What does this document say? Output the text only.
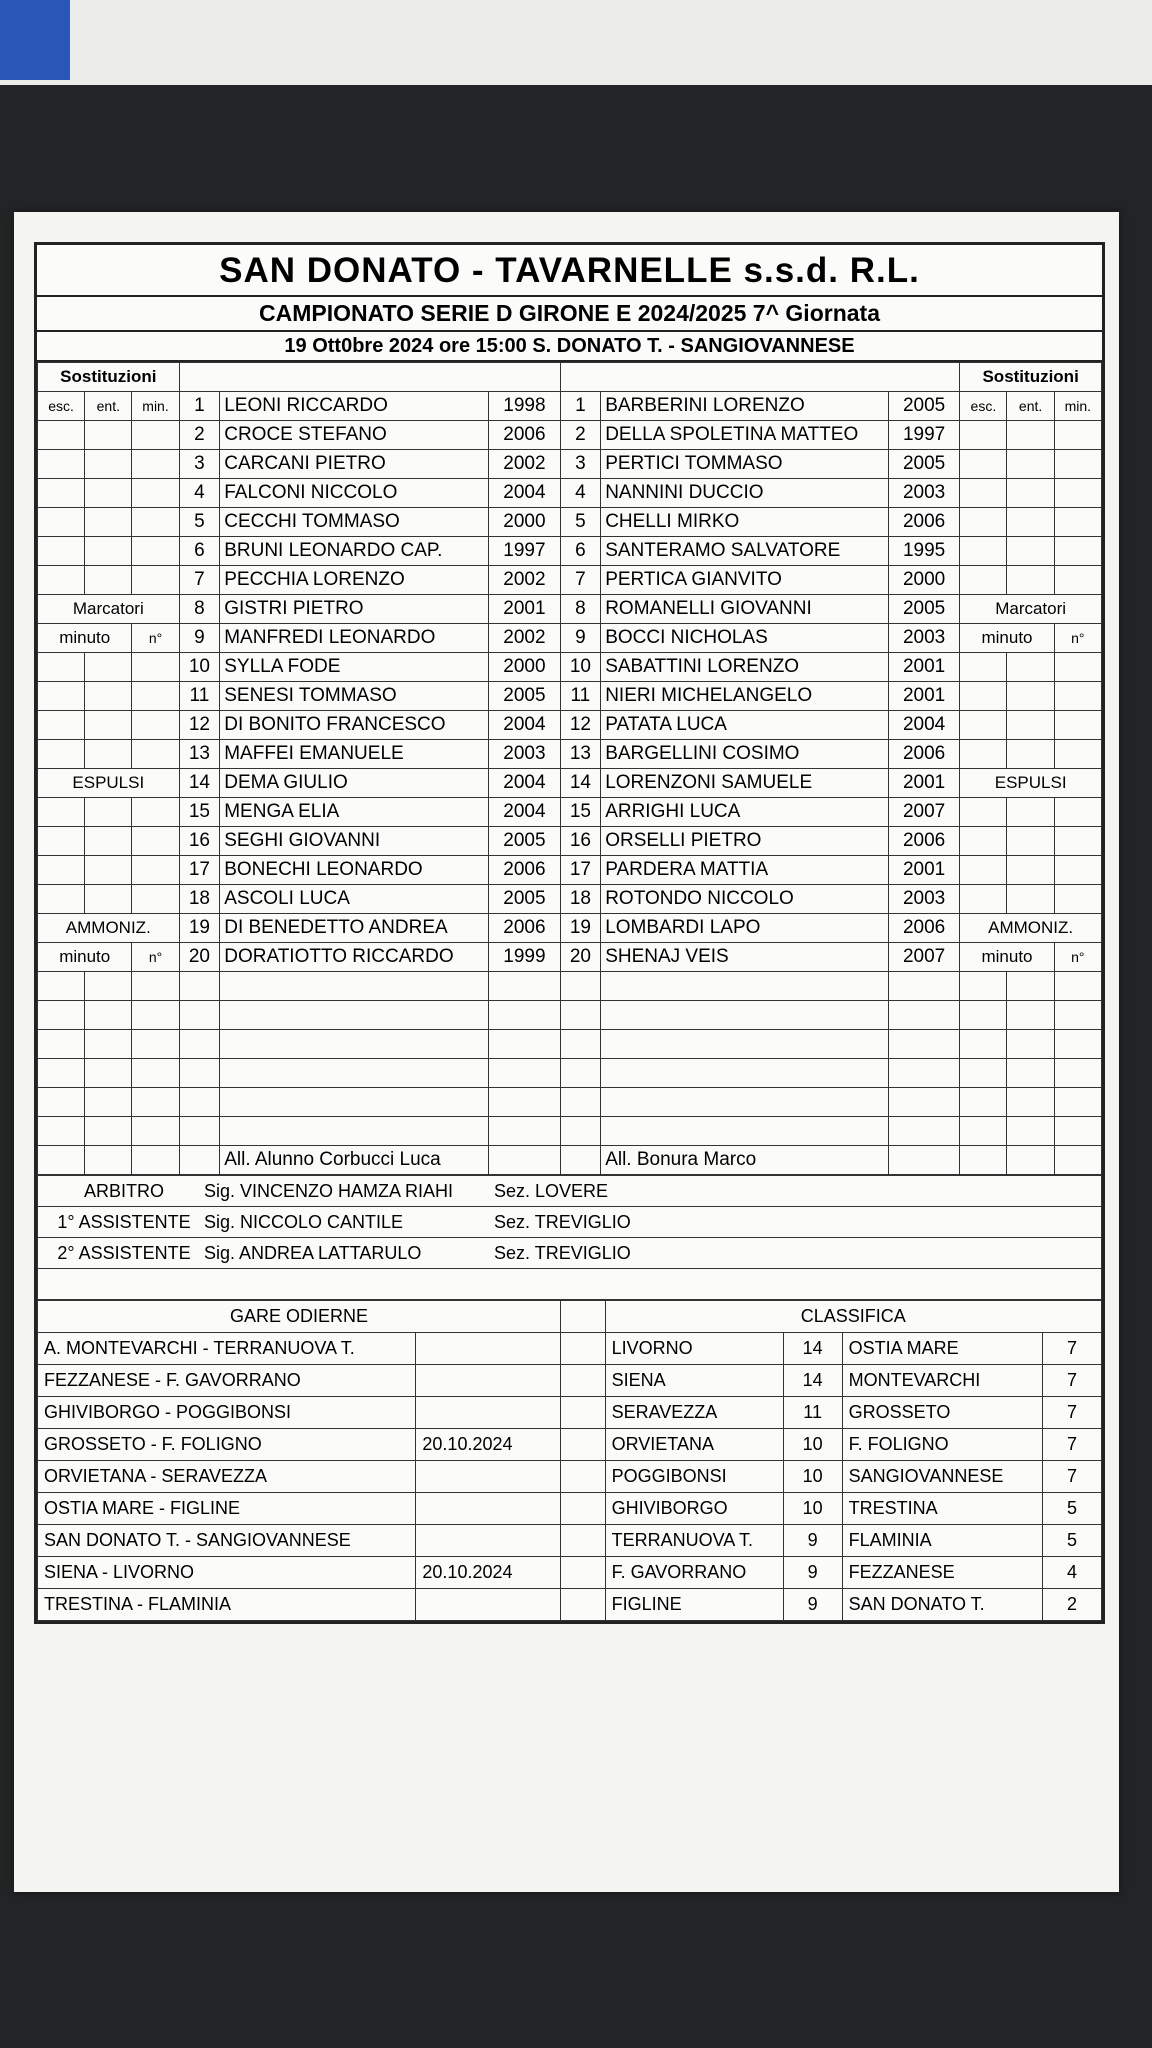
SAN DONATO - TAVARNELLE s.s.d. R.L.
CAMPIONATO SERIE D GIRONE E 2024/2025 7^ Giornata
19 Ott0bre 2024 ore 15:00 S. DONATO T. - SANGIOVANNESE
Sostituzioni									Sostituzioni		
esc.	ent.	min.	1	LEONI RICCARDO	1998	1	BARBERINI LORENZO	2005	esc.	ent.	min.
			2	CROCE STEFANO	2006	2	DELLA SPOLETINA MATTEO	1997			
			3	CARCANI PIETRO	2002	3	PERTICI TOMMASO	2005			
			4	FALCONI NICCOLO	2004	4	NANNINI DUCCIO	2003			
			5	CECCHI TOMMASO	2000	5	CHELLI MIRKO	2006			
			6	BRUNI LEONARDO CAP.	1997	6	SANTERAMO SALVATORE	1995			
			7	PECCHIA LORENZO	2002	7	PERTICA GIANVITO	2000			
Marcatori			8	GISTRI PIETRO	2001	8	ROMANELLI GIOVANNI	2005	Marcatori		
minuto		n°	9	MANFREDI LEONARDO	2002	9	BOCCI NICHOLAS	2003	minuto		n°
			10	SYLLA FODE	2000	10	SABATTINI LORENZO	2001			
			11	SENESI TOMMASO	2005	11	NIERI MICHELANGELO	2001			
			12	DI BONITO FRANCESCO	2004	12	PATATA LUCA	2004			
			13	MAFFEI EMANUELE	2003	13	BARGELLINI COSIMO	2006			
ESPULSI			14	DEMA GIULIO	2004	14	LORENZONI SAMUELE	2001	ESPULSI		
			15	MENGA ELIA	2004	15	ARRIGHI LUCA	2007			
			16	SEGHI GIOVANNI	2005	16	ORSELLI PIETRO	2006			
			17	BONECHI LEONARDO	2006	17	PARDERA MATTIA	2001			
			18	ASCOLI LUCA	2005	18	ROTONDO NICCOLO	2003			
AMMONIZ.			19	DI BENEDETTO ANDREA	2006	19	LOMBARDI LAPO	2006	AMMONIZ.		
minuto		n°	20	DORATIOTTO RICCARDO	1999	20	SHENAJ VEIS	2007	minuto		n°

				All. Alunno Corbucci Luca			All. Bonura Marco				
ARBITRO Sig. VINCENZO HAMZA RIAHI Sez. LOVERE
1° ASSISTENTE Sig. NICCOLO CANTILE	Sez. TREVIGLIO
2° ASSISTENTE Sig. ANDREA LATTARULO	Sez. TREVIGLIO

GARE ODIERNE			CLASSIFICA			
A. MONTEVARCHI - TERRANUOVA T.			LIVORNO	14	OSTIA MARE	7
FEZZANESE - F. GAVORRANO			SIENA	14	MONTEVARCHI	7
GHIVIBORGO - POGGIBONSI			SERAVEZZA	11	GROSSETO	7
GROSSETO - F. FOLIGNO	20.10.2024		ORVIETANA	10	F. FOLIGNO	7
ORVIETANA - SERAVEZZA			POGGIBONSI	10	SANGIOVANNESE	7
OSTIA MARE - FIGLINE			GHIVIBORGO	10	TRESTINA	5
SAN DONATO T. - SANGIOVANNESE			TERRANUOVA T.	9	FLAMINIA	5
SIENA - LIVORNO	20.10.2024		F. GAVORRANO	9	FEZZANESE	4
TRESTINA - FLAMINIA			FIGLINE	9	SAN DONATO T.	2
